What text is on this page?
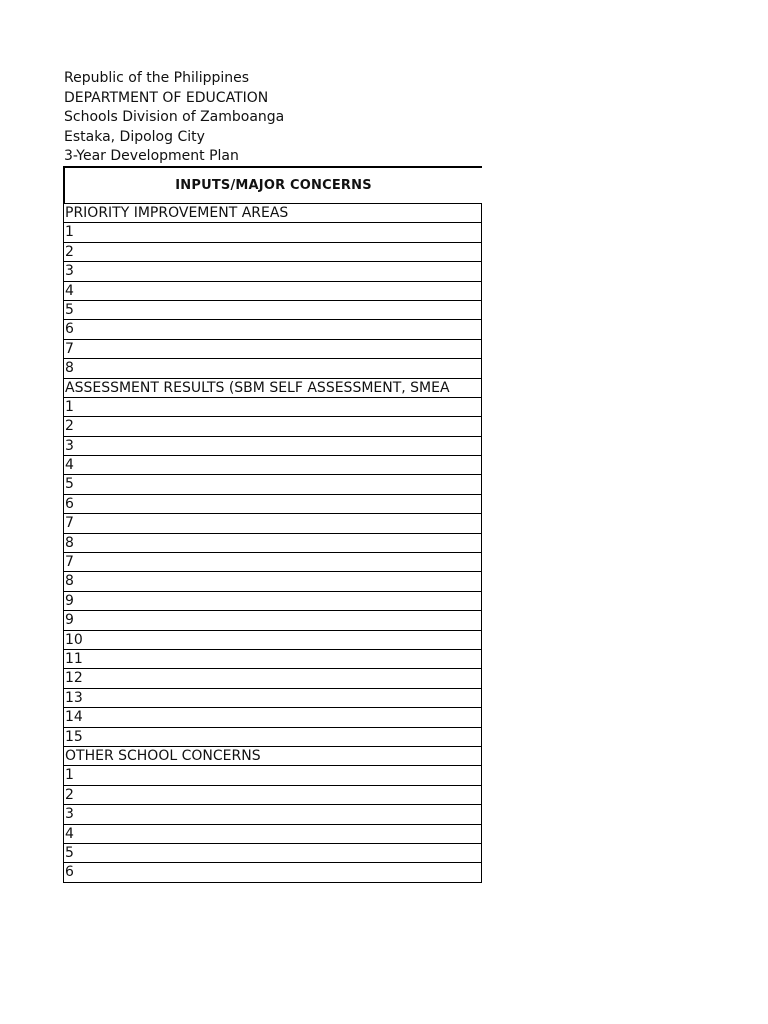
Republic of the Philippines
DEPARTMENT OF EDUCATION
Schools Division of Zamboanga
Estaka, Dipolog City
3-Year Development Plan
INPUTS/MAJOR CONCERNS
PRIORITY IMPROVEMENT AREAS
1
2
3
4
5
6
7
8
ASSESSMENT RESULTS (SBM SELF ASSESSMENT, SMEA
1
2
3
4
5
6
7
8
7
8
9
9
10
11
12
13
14
15
OTHER SCHOOL CONCERNS
1
2
3
4
5
6
